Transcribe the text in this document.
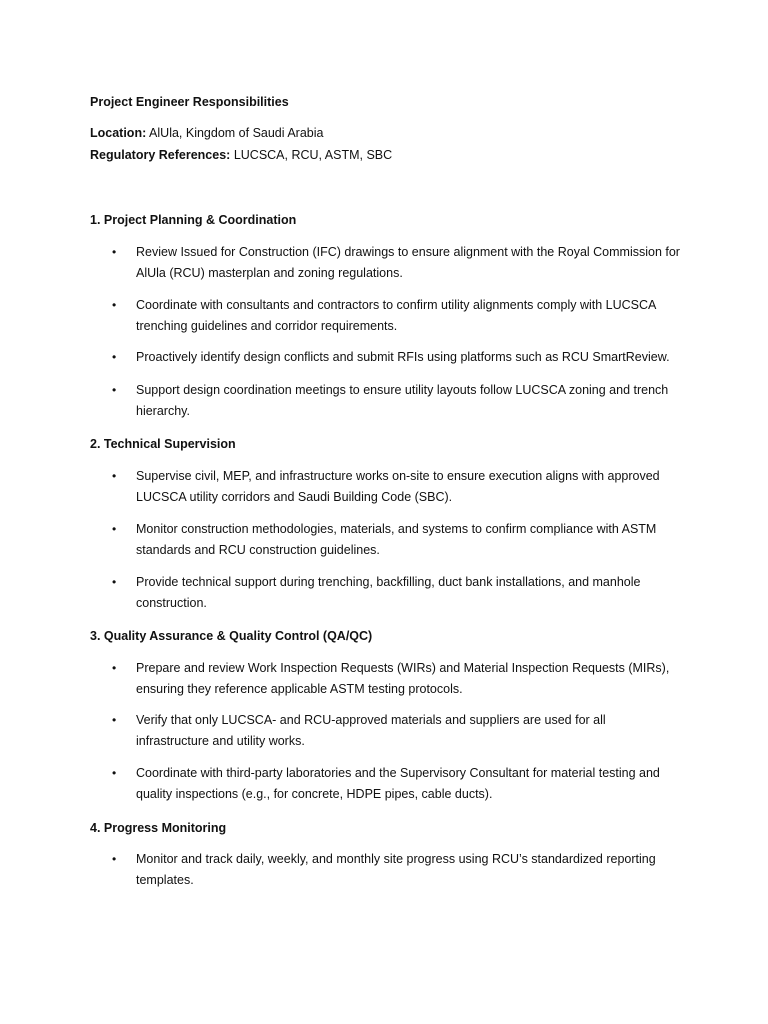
Project Engineer Responsibilities
Location: AlUla, Kingdom of Saudi Arabia
Regulatory References: LUCSCA, RCU, ASTM, SBC
1. Project Planning & Coordination
• Review Issued for Construction (IFC) drawings to ensure alignment with the Royal Commission for AlUla (RCU) masterplan and zoning regulations.
• Coordinate with consultants and contractors to confirm utility alignments comply with LUCSCA trenching guidelines and corridor requirements.
• Proactively identify design conflicts and submit RFIs using platforms such as RCU SmartReview.
• Support design coordination meetings to ensure utility layouts follow LUCSCA zoning and trench hierarchy.
2. Technical Supervision
• Supervise civil, MEP, and infrastructure works on-site to ensure execution aligns with approved LUCSCA utility corridors and Saudi Building Code (SBC).
• Monitor construction methodologies, materials, and systems to confirm compliance with ASTM standards and RCU construction guidelines.
• Provide technical support during trenching, backfilling, duct bank installations, and manhole construction.
3. Quality Assurance & Quality Control (QA/QC)
• Prepare and review Work Inspection Requests (WIRs) and Material Inspection Requests (MIRs), ensuring they reference applicable ASTM testing protocols.
• Verify that only LUCSCA- and RCU-approved materials and suppliers are used for all infrastructure and utility works.
• Coordinate with third-party laboratories and the Supervisory Consultant for material testing and quality inspections (e.g., for concrete, HDPE pipes, cable ducts).
4. Progress Monitoring
• Monitor and track daily, weekly, and monthly site progress using RCU’s standardized reporting templates.
